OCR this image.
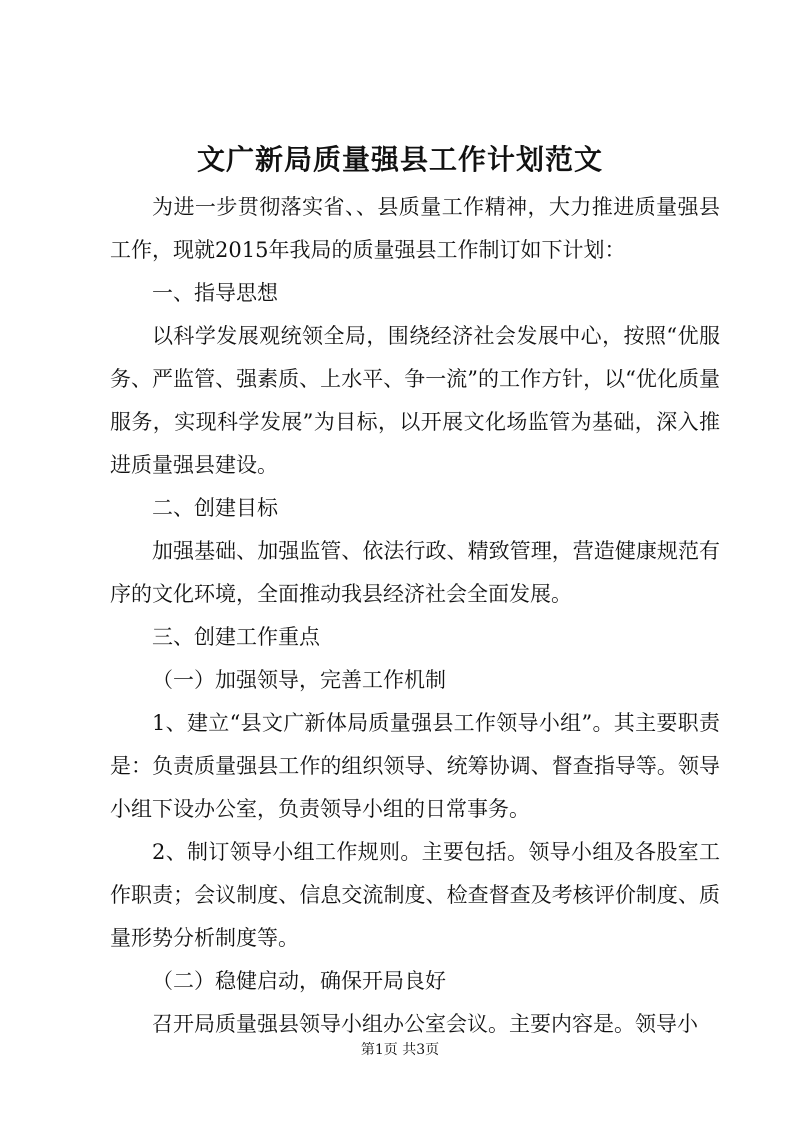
文广新局质量强县工作计划范文

为进一步贯彻落实省、、县质量工作精神，大力推进质量强县工作，现就2015年我局的质量强县工作制订如下计划：

一、指导思想

以科学发展观统领全局，围绕经济社会发展中心，按照“优服务、严监管、强素质、上水平、争一流”的工作方针，以“优化质量服务，实现科学发展”为目标，以开展文化场监管为基础，深入推进质量强县建设。

二、创建目标

加强基础、加强监管、依法行政、精致管理，营造健康规范有序的文化环境，全面推动我县经济社会全面发展。

三、创建工作重点

（一）加强领导，完善工作机制

1、建立“县文广新体局质量强县工作领导小组”。其主要职责是：负责质量强县工作的组织领导、统筹协调、督查指导等。领导小组下设办公室，负责领导小组的日常事务。

2、制订领导小组工作规则。主要包括。领导小组及各股室工作职责；会议制度、信息交流制度、检查督查及考核评价制度、质量形势分析制度等。

（二）稳健启动，确保开局良好

召开局质量强县领导小组办公室会议。主要内容是。领导小

第1页 共3页
